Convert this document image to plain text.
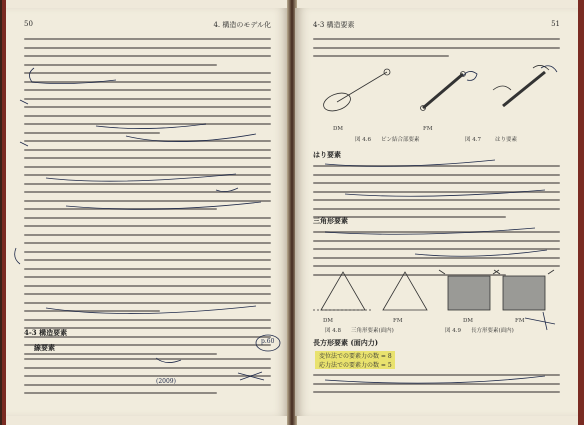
50	4. 構造のモデル化
4-3 構造要素
線要素
p.60
(2009)
4-3 構造要素	51
DM	FM
図 4.6 ピン結合部要素	図 4.7	はり要素
はり要素
三角形要素
DM	FM	DM	FM
図 4.8 三角形要素(面内)	図 4.9 長方形要素(面内)
長方形要素 (面内力)
変位法での要素力の数 = 8
応力法での要素力の数 = 5
